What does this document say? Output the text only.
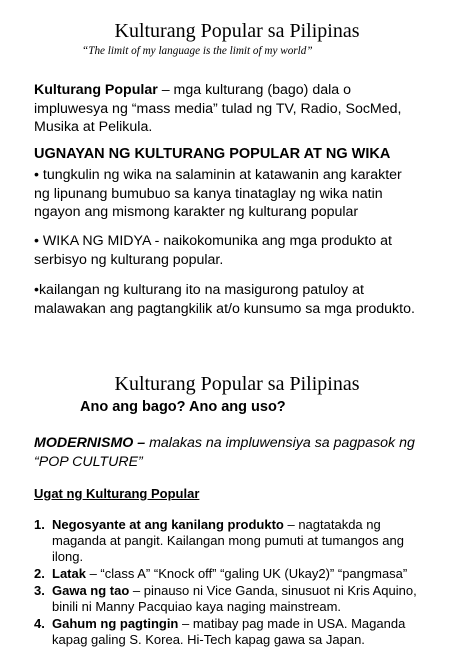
Kulturang Popular sa Pilipinas
“The limit of my language is the limit of my world”
Kulturang Popular – mga kulturang (bago) dala o
impluwesya ng “mass media” tulad ng TV, Radio, SocMed,
Musika at Pelikula.
UGNAYAN NG KULTURANG POPULAR AT NG WIKA
• tungkulin ng wika na salaminin at katawanin ang karakter
ng lipunang bumubuo sa kanya tinataglay ng wika natin
ngayon ang mismong karakter ng kulturang popular
• WIKA NG MIDYA - naikokomunika ang mga produkto at
serbisyo ng kulturang popular.
•kailangan ng kulturang ito na masigurong patuloy at
malawakan ang pagtangkilik at/o kunsumo sa mga produkto.
Kulturang Popular sa Pilipinas
Ano ang bago? Ano ang uso?
MODERNISMO – malakas na impluwensiya sa pagpasok ng
“POP CULTURE”
Ugat ng Kulturang Popular
1. Negosyante at ang kanilang produkto – nagtatakda ng
maganda at pangit. Kailangan mong pumuti at tumangos ang
ilong.
2. Latak – “class A” “Knock off” “galing UK (Ukay2)” “pangmasa”
3. Gawa ng tao – pinauso ni Vice Ganda, sinusuot ni Kris Aquino,
binili ni Manny Pacquiao kaya naging mainstream.
4. Gahum ng pagtingin – matibay pag made in USA. Maganda
kapag galing S. Korea. Hi-Tech kapag gawa sa Japan.
